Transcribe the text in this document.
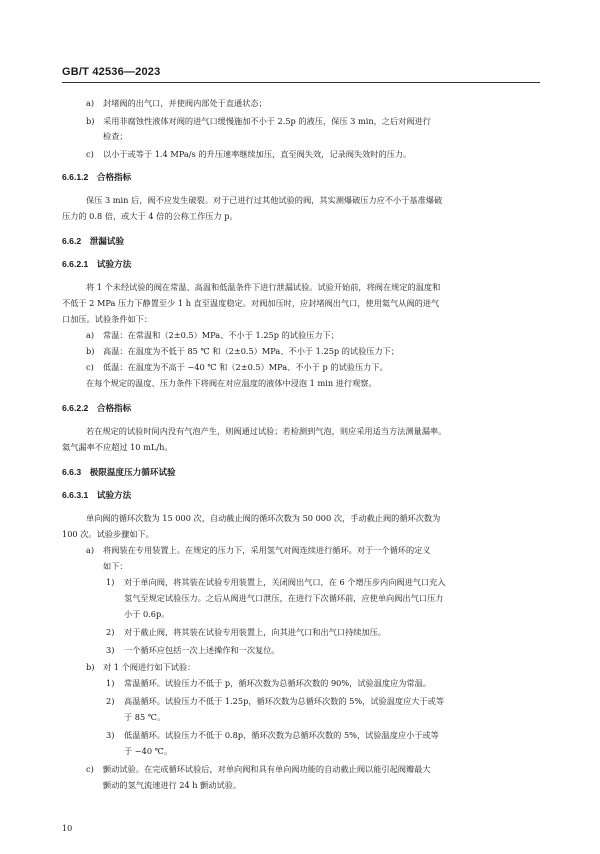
GB/T 42536—2023
a) 封堵阀的出气口，并使阀内部处于直通状态；
b) 采用非腐蚀性液体对阀的进气口缓慢施加不小于 2.5p 的液压，保压 3 min，之后对阀进行
检查；
c) 以小于或等于 1.4 MPa/s 的升压速率继续加压，直至阀失效，记录阀失效时的压力。
6.6.1.2　合格指标
保压 3 min 后，阀不应发生破裂。对于已进行过其他试验的阀，其实测爆破压力应不小于基准爆破
压力的 0.8 倍，或大于 4 倍的公称工作压力 p。
6.6.2　泄漏试验
6.6.2.1　试验方法
将 1 个未经试验的阀在常温、高温和低温条件下进行泄漏试验。试验开始前，将阀在规定的温度和
不低于 2 MPa 压力下静置至少 1 h 直至温度稳定。对阀加压时，应封堵阀出气口，使用氦气从阀的进气
口加压。试验条件如下：
a) 常温：在常温和（2±0.5）MPa、不小于 1.25p 的试验压力下；
b) 高温：在温度为不低于 85 ℃ 和（2±0.5）MPa、不小于 1.25p 的试验压力下；
c) 低温：在温度为不高于 −40 ℃ 和（2±0.5）MPa、不小于 p 的试验压力下。
在每个规定的温度、压力条件下将阀在对应温度的液体中浸泡 1 min 进行观察。
6.6.2.2　合格指标
若在规定的试验时间内没有气泡产生，则阀通过试验；若检测到气泡，则应采用适当方法测量漏率。
氦气漏率不应超过 10 mL/h。
6.6.3　极限温度压力循环试验
6.6.3.1　试验方法
单向阀的循环次数为 15 000 次，自动截止阀的循环次数为 50 000 次，手动截止阀的循环次数为
100 次。试验步骤如下。
a) 将阀装在专用装置上。在规定的压力下，采用氢气对阀连续进行循环。对于一个循环的定义
如下：
1) 对于单向阀，将其装在试验专用装置上，关闭阀出气口，在 6 个增压步内向阀进气口充入
氢气至规定试验压力。之后从阀进气口泄压，在进行下次循环前，应使单向阀出气口压力
小于 0.6p。
2) 对于截止阀，将其装在试验专用装置上，向其进气口和出气口持续加压。
3) 一个循环应包括一次上述操作和一次复位。
b) 对 1 个阀进行如下试验：
1) 常温循环。试验压力不低于 p，循环次数为总循环次数的 90%，试验温度应为常温。
2) 高温循环。试验压力不低于 1.25p，循环次数为总循环次数的 5%，试验温度应大于或等
于 85 ℃。
3) 低温循环。试验压力不低于 0.8p，循环次数为总循环次数的 5%，试验温度应小于或等
于 −40 ℃。
c) 颤动试验。在完成循环试验后，对单向阀和具有单向阀功能的自动截止阀以能引起阀瓣最大
颤动的氢气流速进行 24 h 颤动试验。
10
